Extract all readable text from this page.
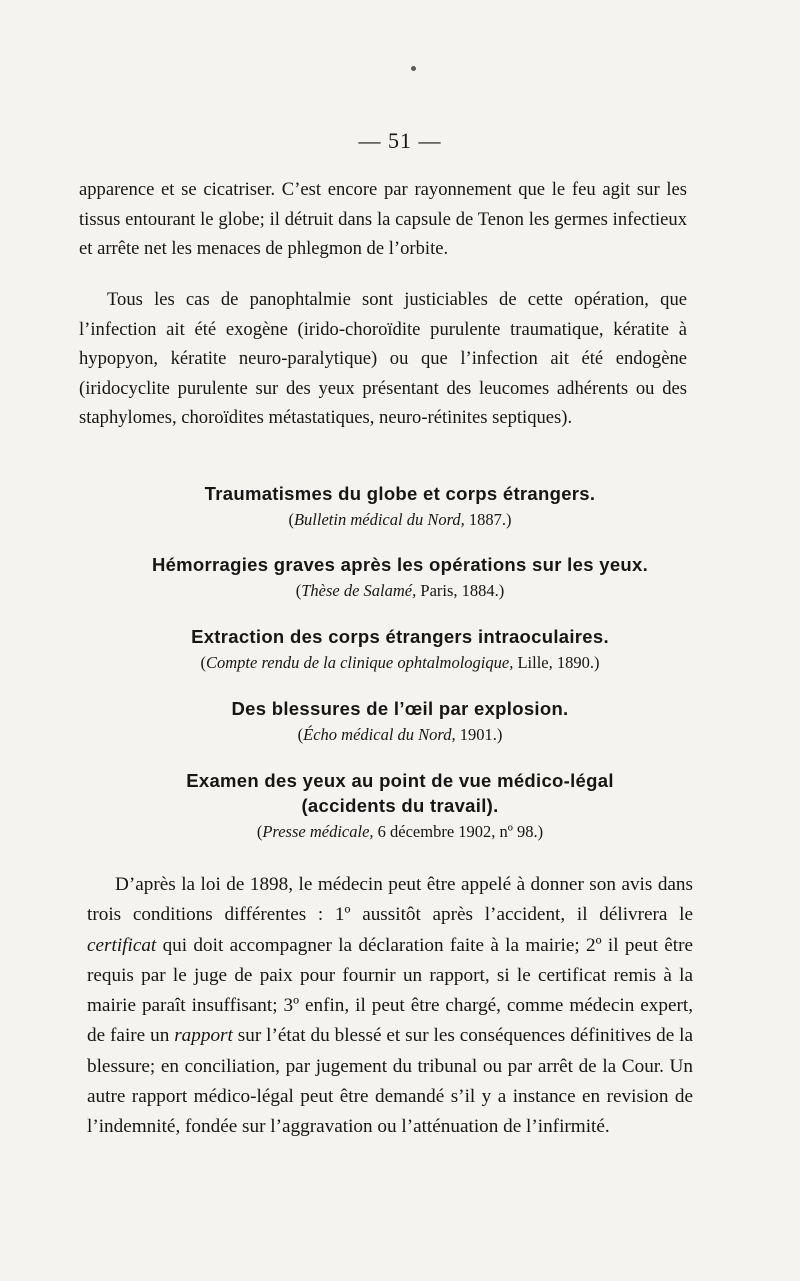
— 51 —

apparence et se cicatriser. C’est encore par rayonnement que le feu agit sur les tissus entourant le globe; il détruit dans la capsule de Tenon les germes infectieux et arrête net les menaces de phlegmon de l’orbite.

Tous les cas de panophtalmie sont justiciables de cette opération, que l’infection ait été exogène (irido-choroïdite purulente traumatique, kératite à hypopyon, kératite neuro-paralytique) ou que l’infection ait été endogène (iridocyclite purulente sur des yeux présentant des leucomes adhérents ou des staphylomes, choroïdites métastatiques, neuro-rétinites septiques).

Traumatismes du globe et corps étrangers.
(Bulletin médical du Nord, 1887.)
Hémorragies graves après les opérations sur les yeux.
(Thèse de Salamé, Paris, 1884.)
Extraction des corps étrangers intraoculaires.
(Compte rendu de la clinique ophtalmologique, Lille, 1890.)
Des blessures de l’œil par explosion.
(Écho médical du Nord, 1901.)
Examen des yeux au point de vue médico-légal
(accidents du travail).
(Presse médicale, 6 décembre 1902, nº 98.)

D’après la loi de 1898, le médecin peut être appelé à donner son avis dans trois conditions différentes : 1º aussitôt après l’accident, il délivrera le certificat qui doit accompagner la déclaration faite à la mairie; 2º il peut être requis par le juge de paix pour fournir un rapport, si le certificat remis à la mairie paraît insuffisant; 3º enfin, il peut être chargé, comme médecin expert, de faire un rapport sur l’état du blessé et sur les conséquences définitives de la blessure; en conciliation, par jugement du tribunal ou par arrêt de la Cour. Un autre rapport médico-légal peut être demandé s’il y a instance en revision de l’indemnité, fondée sur l’aggravation ou l’atténuation de l’infirmité.
